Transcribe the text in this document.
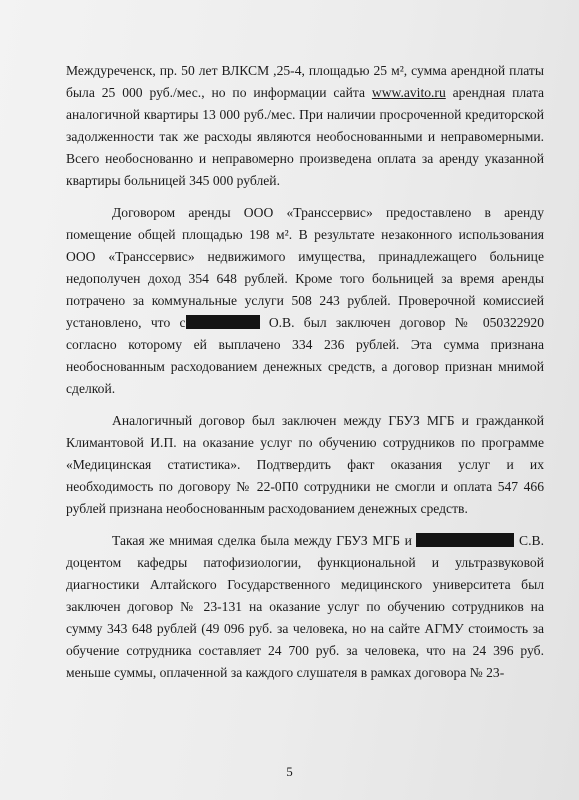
Междуреченск, пр. 50 лет ВЛКСМ ,25-4, площадью 25 м², сумма арендной платы была 25 000 руб./мес., но по информации сайта www.avito.ru арендная плата аналогичной квартиры 13 000 руб./мес. При наличии просроченной кредиторской задолженности так же расходы являются необоснованными и неправомерными. Всего необоснованно и неправомерно произведена оплата за аренду указанной квартиры больницей 345 000 рублей.

Договором аренды ООО «Транссервис» предоставлено в аренду помещение общей площадью 198 м². В результате незаконного использования ООО «Транссервис» недвижимого имущества, принадлежащего больнице недополучен доход 354 648 рублей. Кроме того больницей за время аренды потрачено за коммунальные услуги 508 243 рублей. Проверочной комиссией установлено, что с	О.В. был заключен договор № 050322920 согласно которому ей выплачено 334 236 рублей. Эта сумма признана необоснованным расходованием денежных средств, а договор признан мнимой сделкой.

Аналогичный договор был заключен между ГБУЗ МГБ и гражданкой Климантовой И.П. на оказание услуг по обучению сотрудников по программе «Медицинская статистика». Подтвердить факт оказания услуг и их необходимость по договору № 22-0П0 сотрудники не смогли и оплата 547 466 рублей признана необоснованным расходованием денежных средств.

Такая же мнимая сделка была между ГБУЗ МГБ и	С.В. доцентом кафедры патофизиологии, функциональной и ультразвуковой диагностики Алтайского Государственного медицинского университета был заключен договор № 23-131 на оказание услуг по обучению сотрудников на сумму 343 648 рублей (49 096 руб. за человека, но на сайте АГМУ стоимость за обучение сотрудника составляет 24 700 руб. за человека, что на 24 396 руб. меньше суммы, оплаченной за каждого слушателя в рамках договора № 23-

5
